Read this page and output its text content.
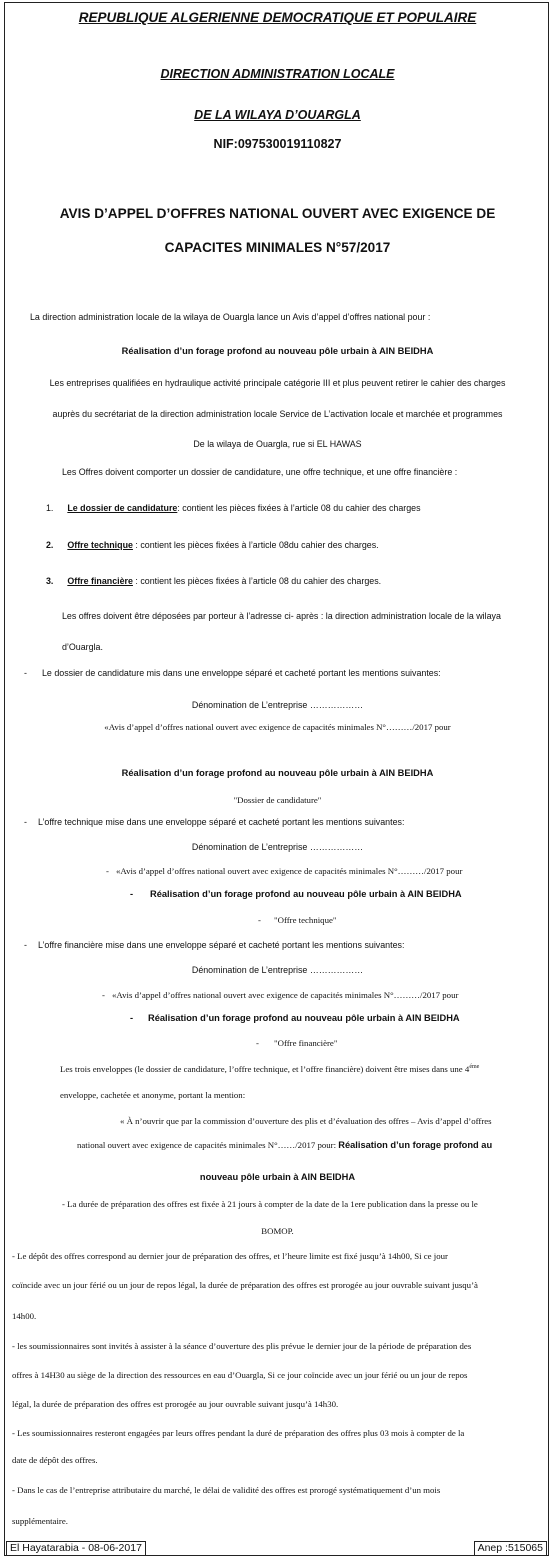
REPUBLIQUE ALGERIENNE DEMOCRATIQUE ET POPULAIRE
DIRECTION ADMINISTRATION LOCALE
DE LA WILAYA D’OUARGLA
NIF:097530019110827
AVIS D’APPEL D’OFFRES NATIONAL OUVERT AVEC EXIGENCE DE
CAPACITES MINIMALES N°57/2017
La direction administration locale de la wilaya de Ouargla lance un Avis d’appel d’offres national pour :
Réalisation d’un forage profond au nouveau pôle urbain à AIN BEIDHA
Les entreprises qualifiées en hydraulique activité principale catégorie III et plus peuvent retirer le cahier des charges
auprès du secrétariat de la direction administration locale Service de L’activation locale et marchée et programmes
De la wilaya de Ouargla, rue si EL HAWAS
Les Offres doivent comporter un dossier de candidature, une offre technique, et une offre financière :
1. Le dossier de candidature: contient les pièces fixées à l’article 08 du cahier des charges
2. Offre technique : contient les pièces fixées à l’article 08du cahier des charges.
3. Offre financière : contient les pièces fixées à l’article 08 du cahier des charges.
Les offres doivent être déposées par porteur à l’adresse ci- après : la direction administration locale de la wilaya
d’Ouargla.
- Le dossier de candidature mis dans une enveloppe séparé et cacheté portant les mentions suivantes:
Dénomination de L’entreprise ………………
«Avis d’appel d’offres national ouvert avec exigence de capacités minimales N°………/2017 pour
Réalisation d’un forage profond au nouveau pôle urbain à AIN BEIDHA
"Dossier de candidature"
- L’offre technique mise dans une enveloppe séparé et cacheté portant les mentions suivantes:
Dénomination de L’entreprise ………………
- «Avis d’appel d’offres national ouvert avec exigence de capacités minimales N°………/2017 pour
- Réalisation d’un forage profond au nouveau pôle urbain à AIN BEIDHA
- "Offre technique"
- L’offre financière mise dans une enveloppe séparé et cacheté portant les mentions suivantes:
Dénomination de L’entreprise ………………
- «Avis d’appel d’offres national ouvert avec exigence de capacités minimales N°………/2017 pour
- Réalisation d’un forage profond au nouveau pôle urbain à AIN BEIDHA
- "Offre financière"
Les trois enveloppes (le dossier de candidature, l’offre technique, et l’offre financière) doivent être mises dans une $4^{éme}$
enveloppe, cachetée et anonyme, portant la mention:
« À n’ouvrir que par la commission d’ouverture des plis et d’évaluation des offres – Avis d’appel d’offres
national ouvert avec exigence de capacités minimales N°……/2017 pour: Réalisation d’un forage profond au
nouveau pôle urbain à AIN BEIDHA
- La durée de préparation des offres est fixée à 21 jours à compter de la date de la 1ere publication dans la presse ou le
BOMOP.
- Le dépôt des offres correspond au dernier jour de préparation des offres, et l’heure limite est fixé jusqu’à 14h00, Si ce jour
coïncide avec un jour férié ou un jour de repos légal, la durée de préparation des offres est prorogée au jour ouvrable suivant jusqu’à
14h00.
- les soumissionnaires sont invités à assister à la séance d’ouverture des plis prévue le dernier jour de la période de préparation des
offres à 14H30 au siège de la direction des ressources en eau d’Ouargla, Si ce jour coïncide avec un jour férié ou un jour de repos
légal, la durée de préparation des offres est prorogée au jour ouvrable suivant jusqu’à 14h30.
- Les soumissionnaires resteront engagées par leurs offres pendant la duré de préparation des offres plus 03 mois à compter de la
date de dépôt des offres.
- Dans le cas de l’entreprise attributaire du marché, le délai de validité des offres est prorogé systématiquement d’un mois
supplémentaire.
El Hayatarabia - 08-06-2017	Anep :515065
